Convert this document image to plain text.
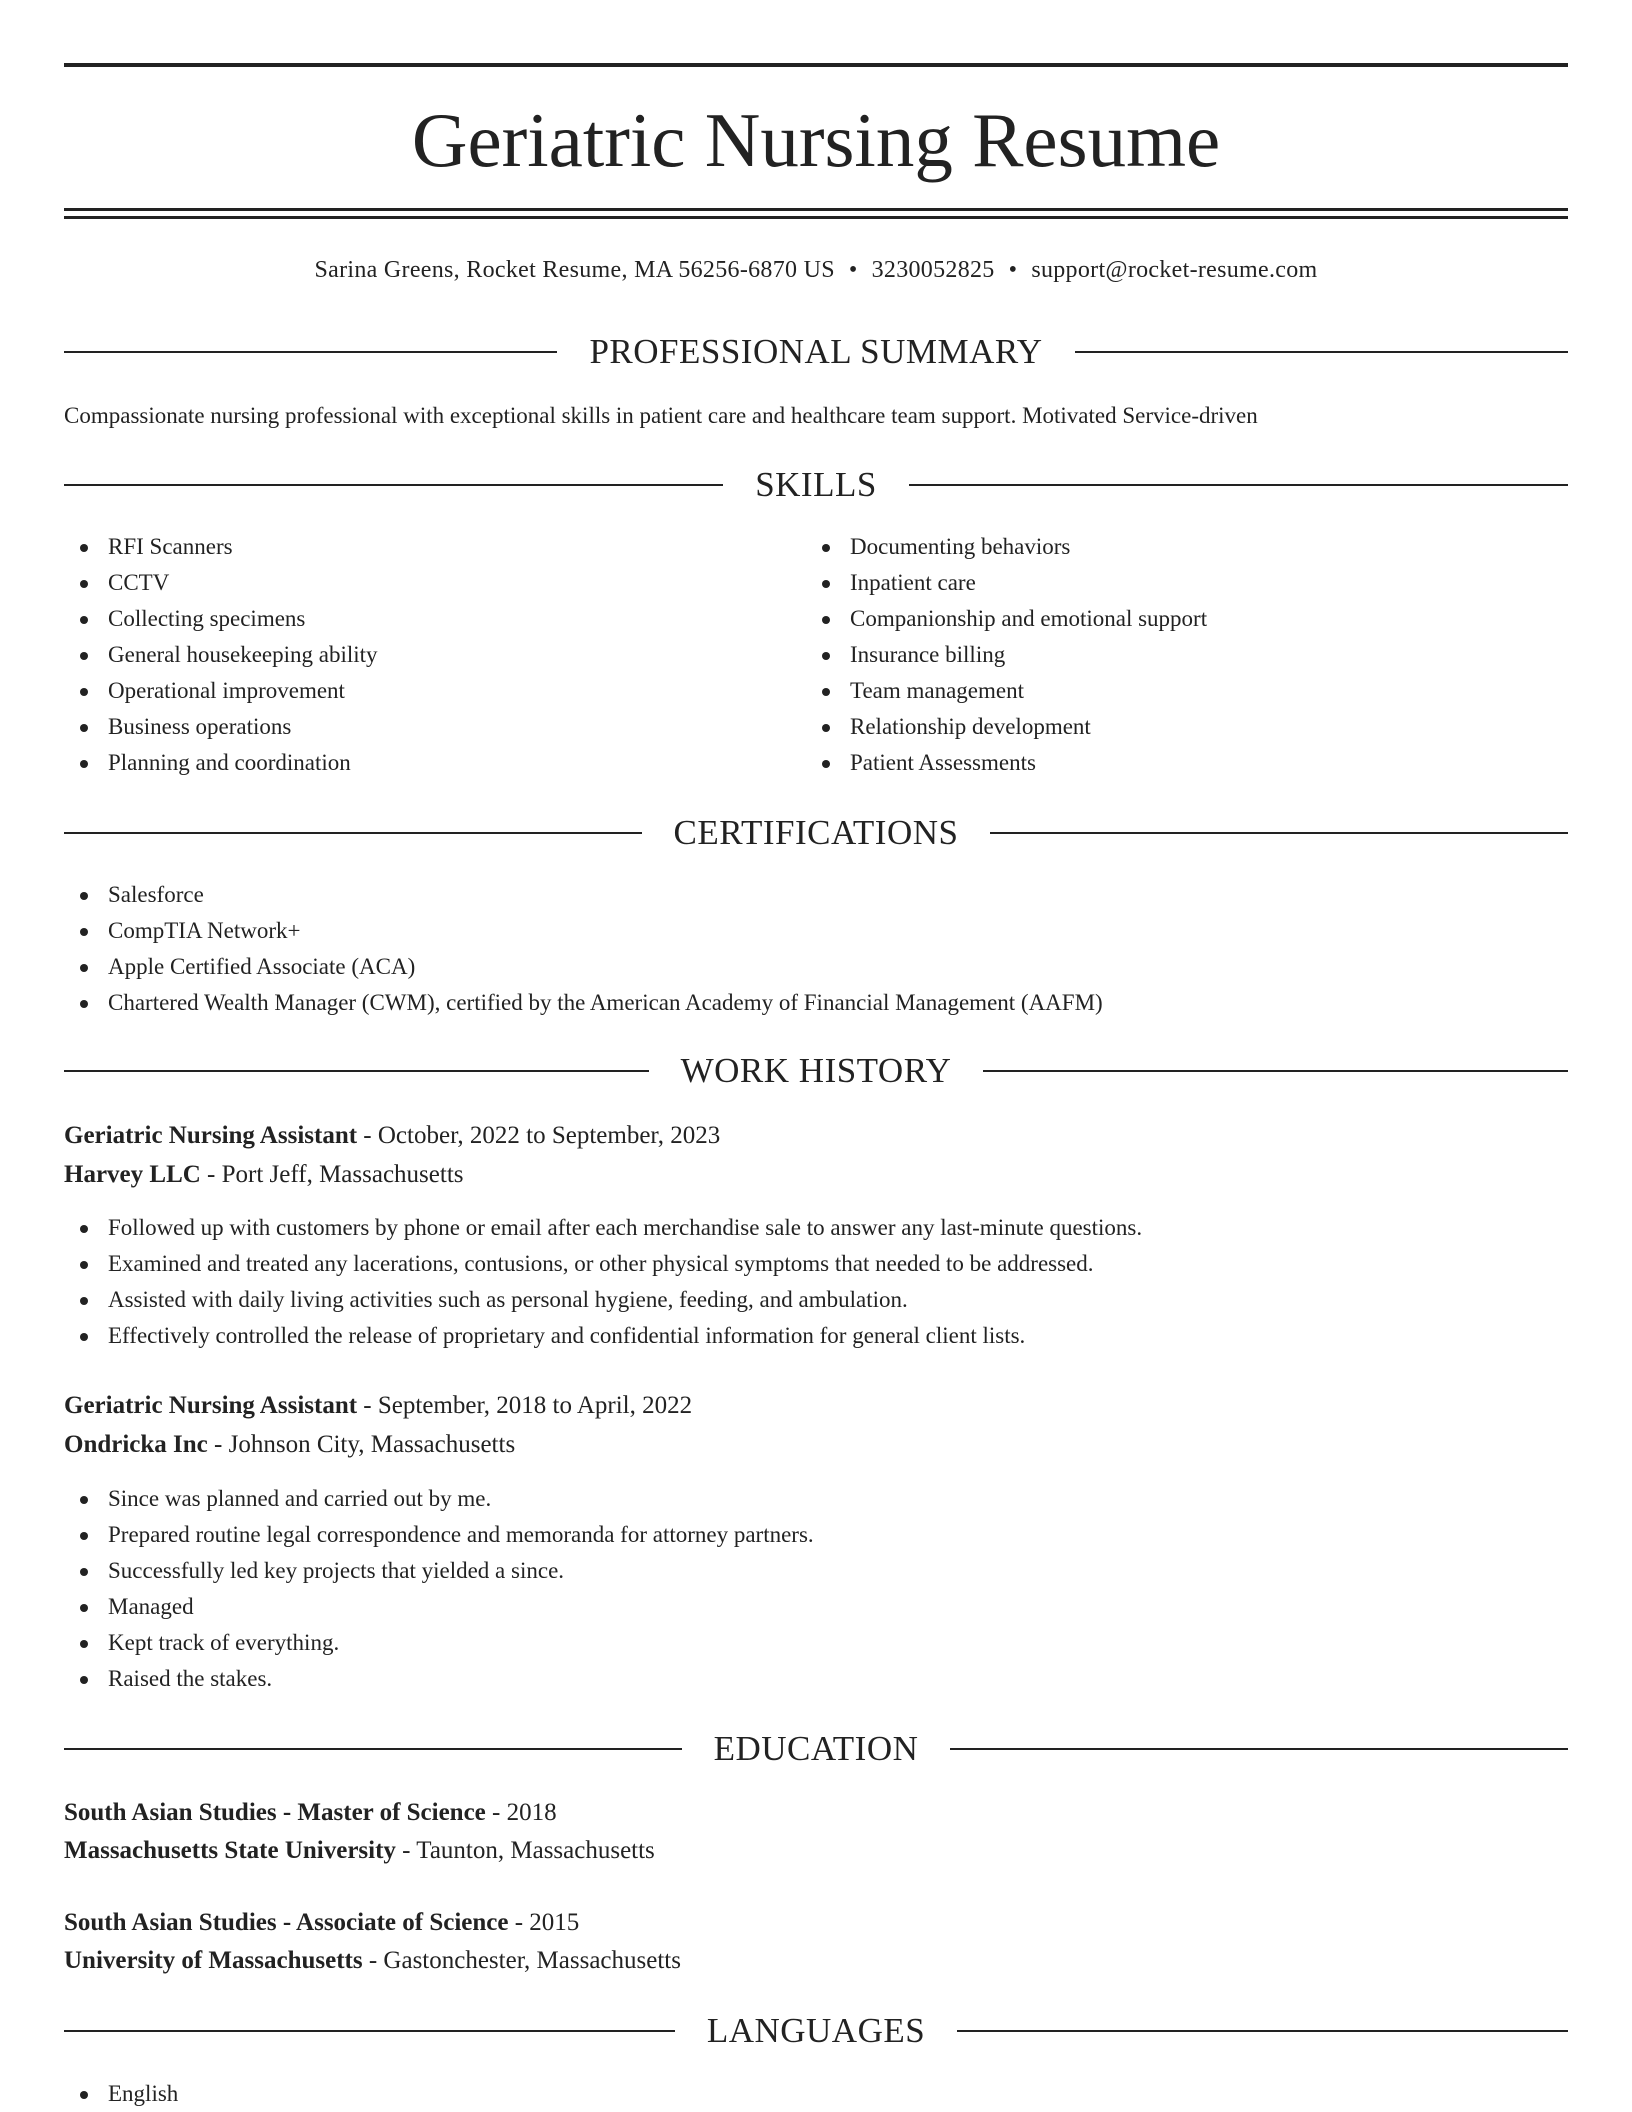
Geriatric Nursing Resume
Sarina Greens, Rocket Resume, MA 56256-6870 US • 3230052825 • support@rocket-resume.com
PROFESSIONAL SUMMARY
Compassionate nursing professional with exceptional skills in patient care and healthcare team support. Motivated Service-driven
SKILLS
RFI Scanners
CCTV
Collecting specimens
General housekeeping ability
Operational improvement
Business operations
Planning and coordination
Documenting behaviors
Inpatient care
Companionship and emotional support
Insurance billing
Team management
Relationship development
Patient Assessments
CERTIFICATIONS
Salesforce
CompTIA Network+
Apple Certified Associate (ACA)
Chartered Wealth Manager (CWM), certified by the American Academy of Financial Management (AAFM)
WORK HISTORY
Geriatric Nursing Assistant - October, 2022 to September, 2023
Harvey LLC - Port Jeff, Massachusetts
Followed up with customers by phone or email after each merchandise sale to answer any last-minute questions.
Examined and treated any lacerations, contusions, or other physical symptoms that needed to be addressed.
Assisted with daily living activities such as personal hygiene, feeding, and ambulation.
Effectively controlled the release of proprietary and confidential information for general client lists.
Geriatric Nursing Assistant - September, 2018 to April, 2022
Ondricka Inc - Johnson City, Massachusetts
Since was planned and carried out by me.
Prepared routine legal correspondence and memoranda for attorney partners.
Successfully led key projects that yielded a since.
Managed
Kept track of everything.
Raised the stakes.
EDUCATION
South Asian Studies - Master of Science - 2018
Massachusetts State University - Taunton, Massachusetts
South Asian Studies - Associate of Science - 2015
University of Massachusetts - Gastonchester, Massachusetts
LANGUAGES
English
